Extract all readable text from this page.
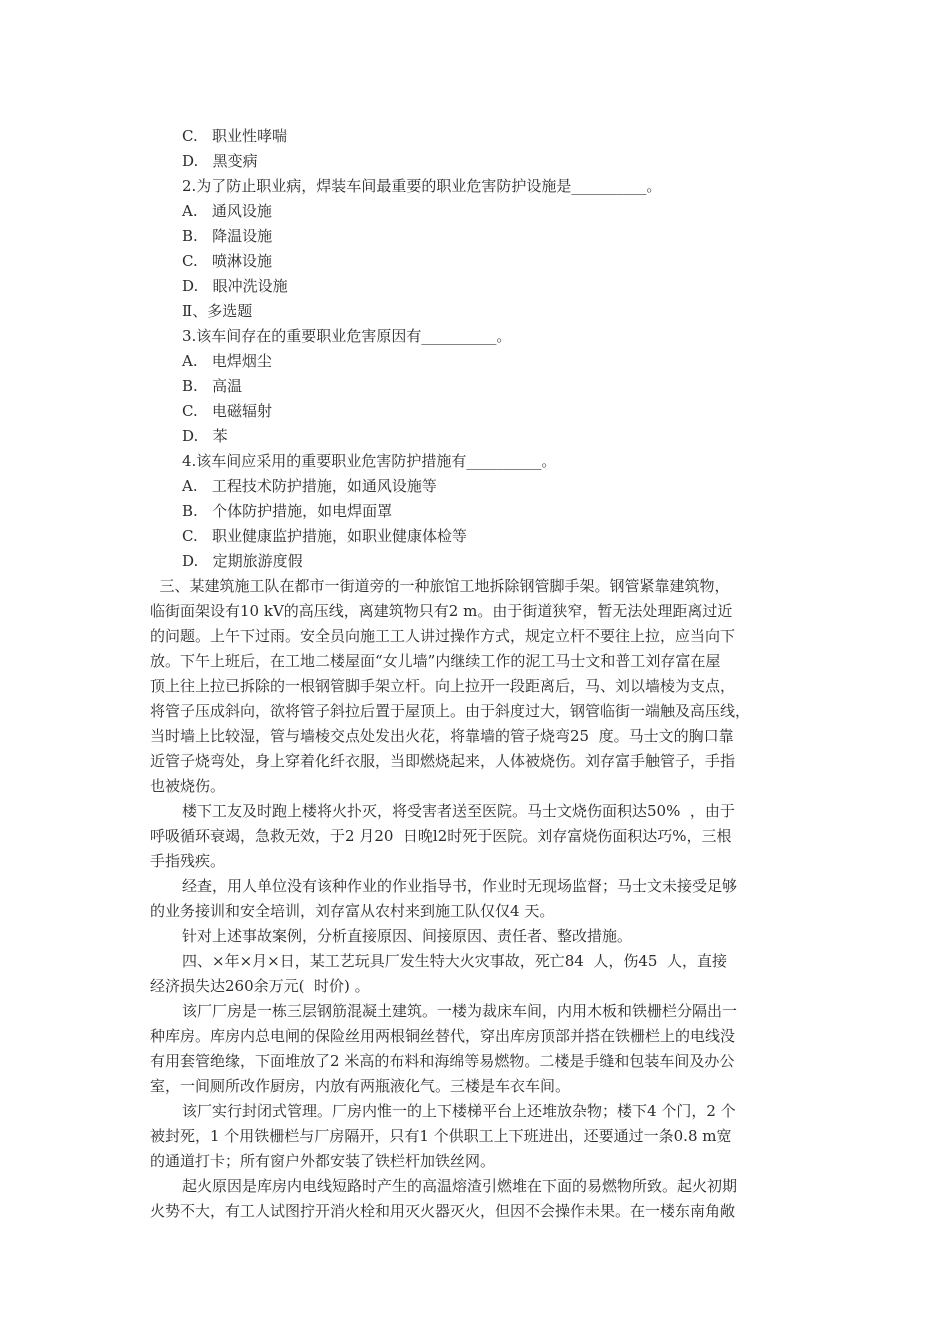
C.   职业性哮喘

D.   黑变病

2.为了防止职业病，焊装车间最重要的职业危害防护设施是__________。

A.   通风设施

B.   降温设施

C.   喷淋设施

D.   眼冲洗设施

Ⅱ、多选题

3.该车间存在的重要职业危害原因有__________。

A.   电焊烟尘

B.   高温

C.   电磁辐射

D.   苯

4.该车间应采用的重要职业危害防护措施有__________。

A.   工程技术防护措施，如通风设施等

B.   个体防护措施，如电焊面罩

C.   职业健康监护措施，如职业健康体检等

D.   定期旅游度假

三、某建筑施工队在都市一街道旁的一种旅馆工地拆除钢管脚手架。钢管紧靠建筑物，

临街面架设有10 kV的高压线，离建筑物只有2 m。由于街道狭窄，暂无法处理距离过近

的问题。上午下过雨。安全员向施工工人讲过操作方式，规定立杆不要往上拉，应当向下

放。下午上班后，在工地二楼屋面“女儿墙”内继续工作的泥工马士文和普工刘存富在屋

顶上往上拉已拆除的一根钢管脚手架立杆。向上拉开一段距离后，马、刘以墙棱为支点，

将管子压成斜向，欲将管子斜拉后置于屋顶上。由于斜度过大，钢管临街一端触及高压线，

当时墙上比较湿，管与墙棱交点处发出火花，将靠墙的管子烧弯25  度。马士文的胸口靠

近管子烧弯处，身上穿着化纤衣服，当即燃烧起来，人体被烧伤。刘存富手触管子，手指

也被烧伤。

楼下工友及时跑上楼将火扑灭，将受害者送至医院。马士文烧伤面积达50%  ，由于

呼吸循环衰竭，急救无效，于2 月20  日晚l2时死于医院。刘存富烧伤面积达巧%，三根

手指残疾。

经查，用人单位没有该种作业的作业指导书，作业时无现场监督；马士文未接受足够

的业务接训和安全培训，刘存富从农村来到施工队仅仅4 天。

针对上述事故案例，分析直接原因、间接原因、责任者、整改措施。

四、×年×月×日，某工艺玩具厂发生特大火灾事故，死亡84  人，伤45  人，直接

经济损失达260余万元(  时价) 。

该厂厂房是一栋三层钢筋混凝土建筑。一楼为裁床车间，内用木板和铁栅栏分隔出一

种库房。库房内总电闸的保险丝用两根铜丝替代，穿出库房顶部并搭在铁栅栏上的电线没

有用套管绝缘，下面堆放了2 米高的布料和海绵等易燃物。二楼是手缝和包装车间及办公

室，一间厕所改作厨房，内放有两瓶液化气。三楼是车衣车间。

该厂实行封闭式管理。厂房内惟一的上下楼梯平台上还堆放杂物；楼下4 个门，2 个

被封死，1 个用铁栅栏与厂房隔开，只有1 个供职工上下班进出，还要通过一条0.8 m宽

的通道打卡；所有窗户外都安装了铁栏杆加铁丝网。

起火原因是库房内电线短路时产生的高温熔渣引燃堆在下面的易燃物所致。起火初期

火势不大，有工人试图拧开消火栓和用灭火器灭火，但因不会操作未果。在一楼东南角敞
